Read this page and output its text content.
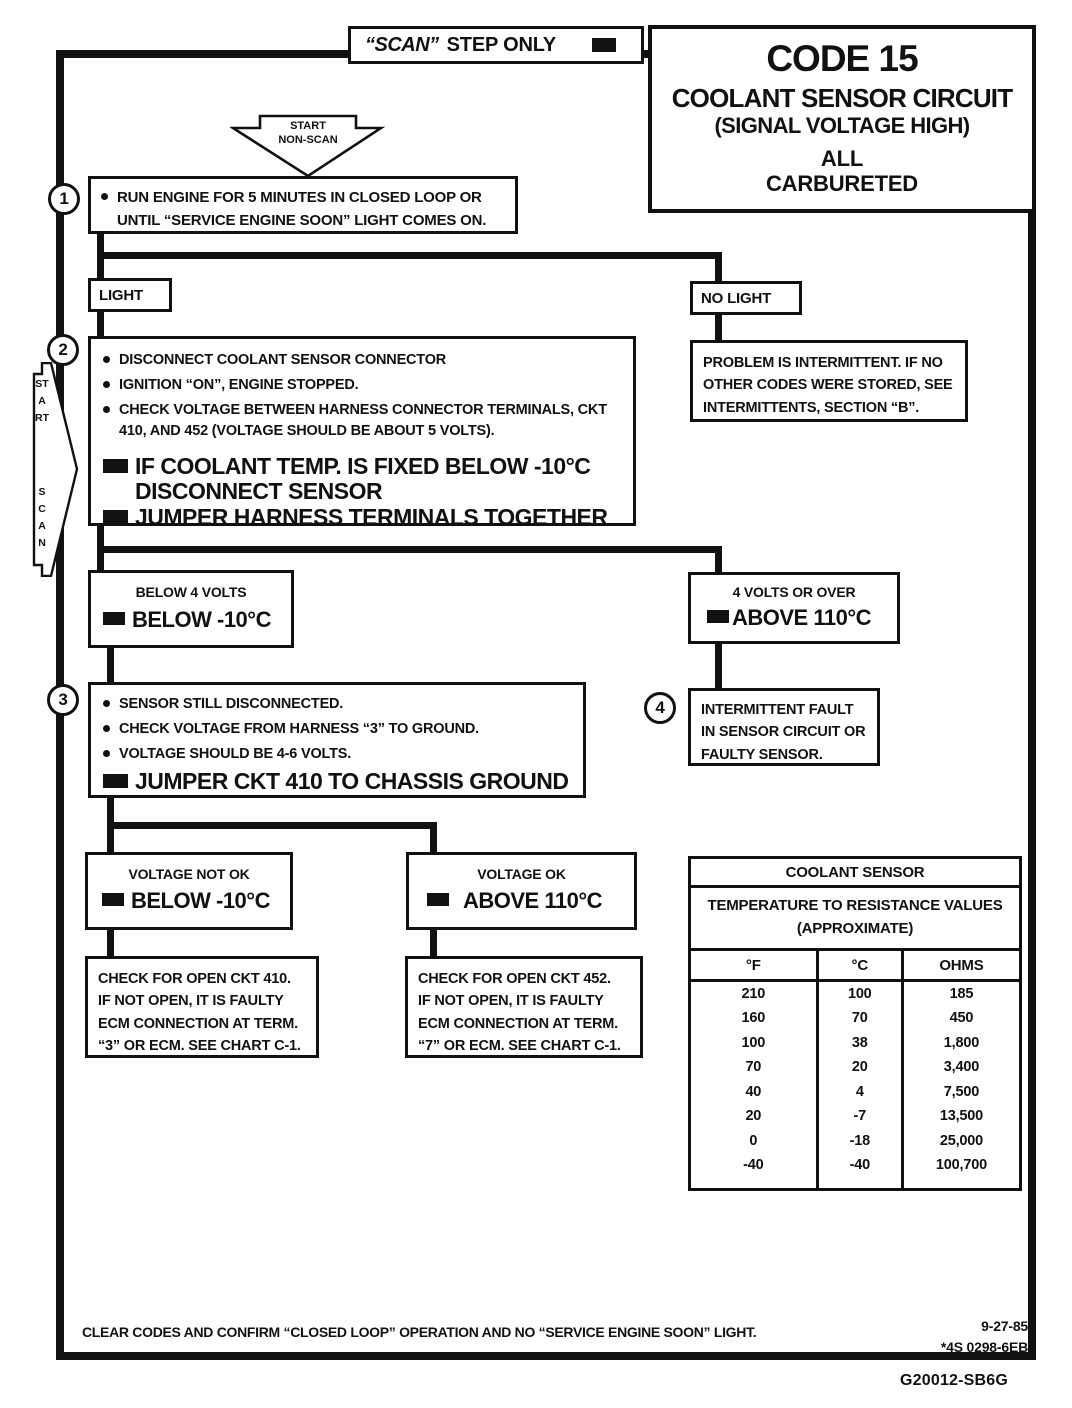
“SCAN” STEP ONLY	CODE 15
COOLANT SENSOR CIRCUIT
(SIGNAL VOLTAGE HIGH)
ALL
CARBURETED
START
NON-SCAN
1	RUN ENGINE FOR 5 MINUTES IN CLOSED LOOP OR
UNTIL “SERVICE ENGINE SOON” LIGHT COMES ON.
LIGHT	NO LIGHT
START
SCAN
2
DISCONNECT COOLANT SENSOR CONNECTOR
IGNITION “ON”, ENGINE STOPPED.
CHECK VOLTAGE BETWEEN HARNESS CONNECTOR TERMINALS, CKT
410, AND 452 (VOLTAGE SHOULD BE ABOUT 5 VOLTS).
IF COOLANT TEMP. IS FIXED BELOW -10°C
DISCONNECT SENSOR
JUMPER HARNESS TERMINALS TOGETHER
PROBLEM IS INTERMITTENT. IF NO
OTHER CODES WERE STORED, SEE
INTERMITTENTS, SECTION “B”.
BELOW 4 VOLTS
BELOW -10°C
4 VOLTS OR OVER
ABOVE 110°C
3	SENSOR STILL DISCONNECTED.
CHECK VOLTAGE FROM HARNESS “3” TO GROUND.
VOLTAGE SHOULD BE 4-6 VOLTS.
JUMPER CKT 410 TO CHASSIS GROUND
4	INTERMITTENT FAULT
IN SENSOR CIRCUIT OR
FAULTY SENSOR.
VOLTAGE NOT OK
BELOW -10°C
VOLTAGE OK
ABOVE 110°C
CHECK FOR OPEN CKT 410.
IF NOT OPEN, IT IS FAULTY
ECM CONNECTION AT TERM.
“3” OR ECM. SEE CHART C-1.
CHECK FOR OPEN CKT 452.
IF NOT OPEN, IT IS FAULTY
ECM CONNECTION AT TERM.
“7” OR ECM. SEE CHART C-1.
COOLANT SENSOR
TEMPERATURE TO RESISTANCE VALUES
(APPROXIMATE)
°F	°C	OHMS
210	100	185
160	70	450
100	38	1,800
70	20	3,400
40	4	7,500
20	-7	13,500
0	-18	25,000
-40	-40	100,700
CLEAR CODES AND CONFIRM “CLOSED LOOP” OPERATION AND NO “SERVICE ENGINE SOON” LIGHT.	9-27-85
*4S 0298-6EB
G20012-SB6G
